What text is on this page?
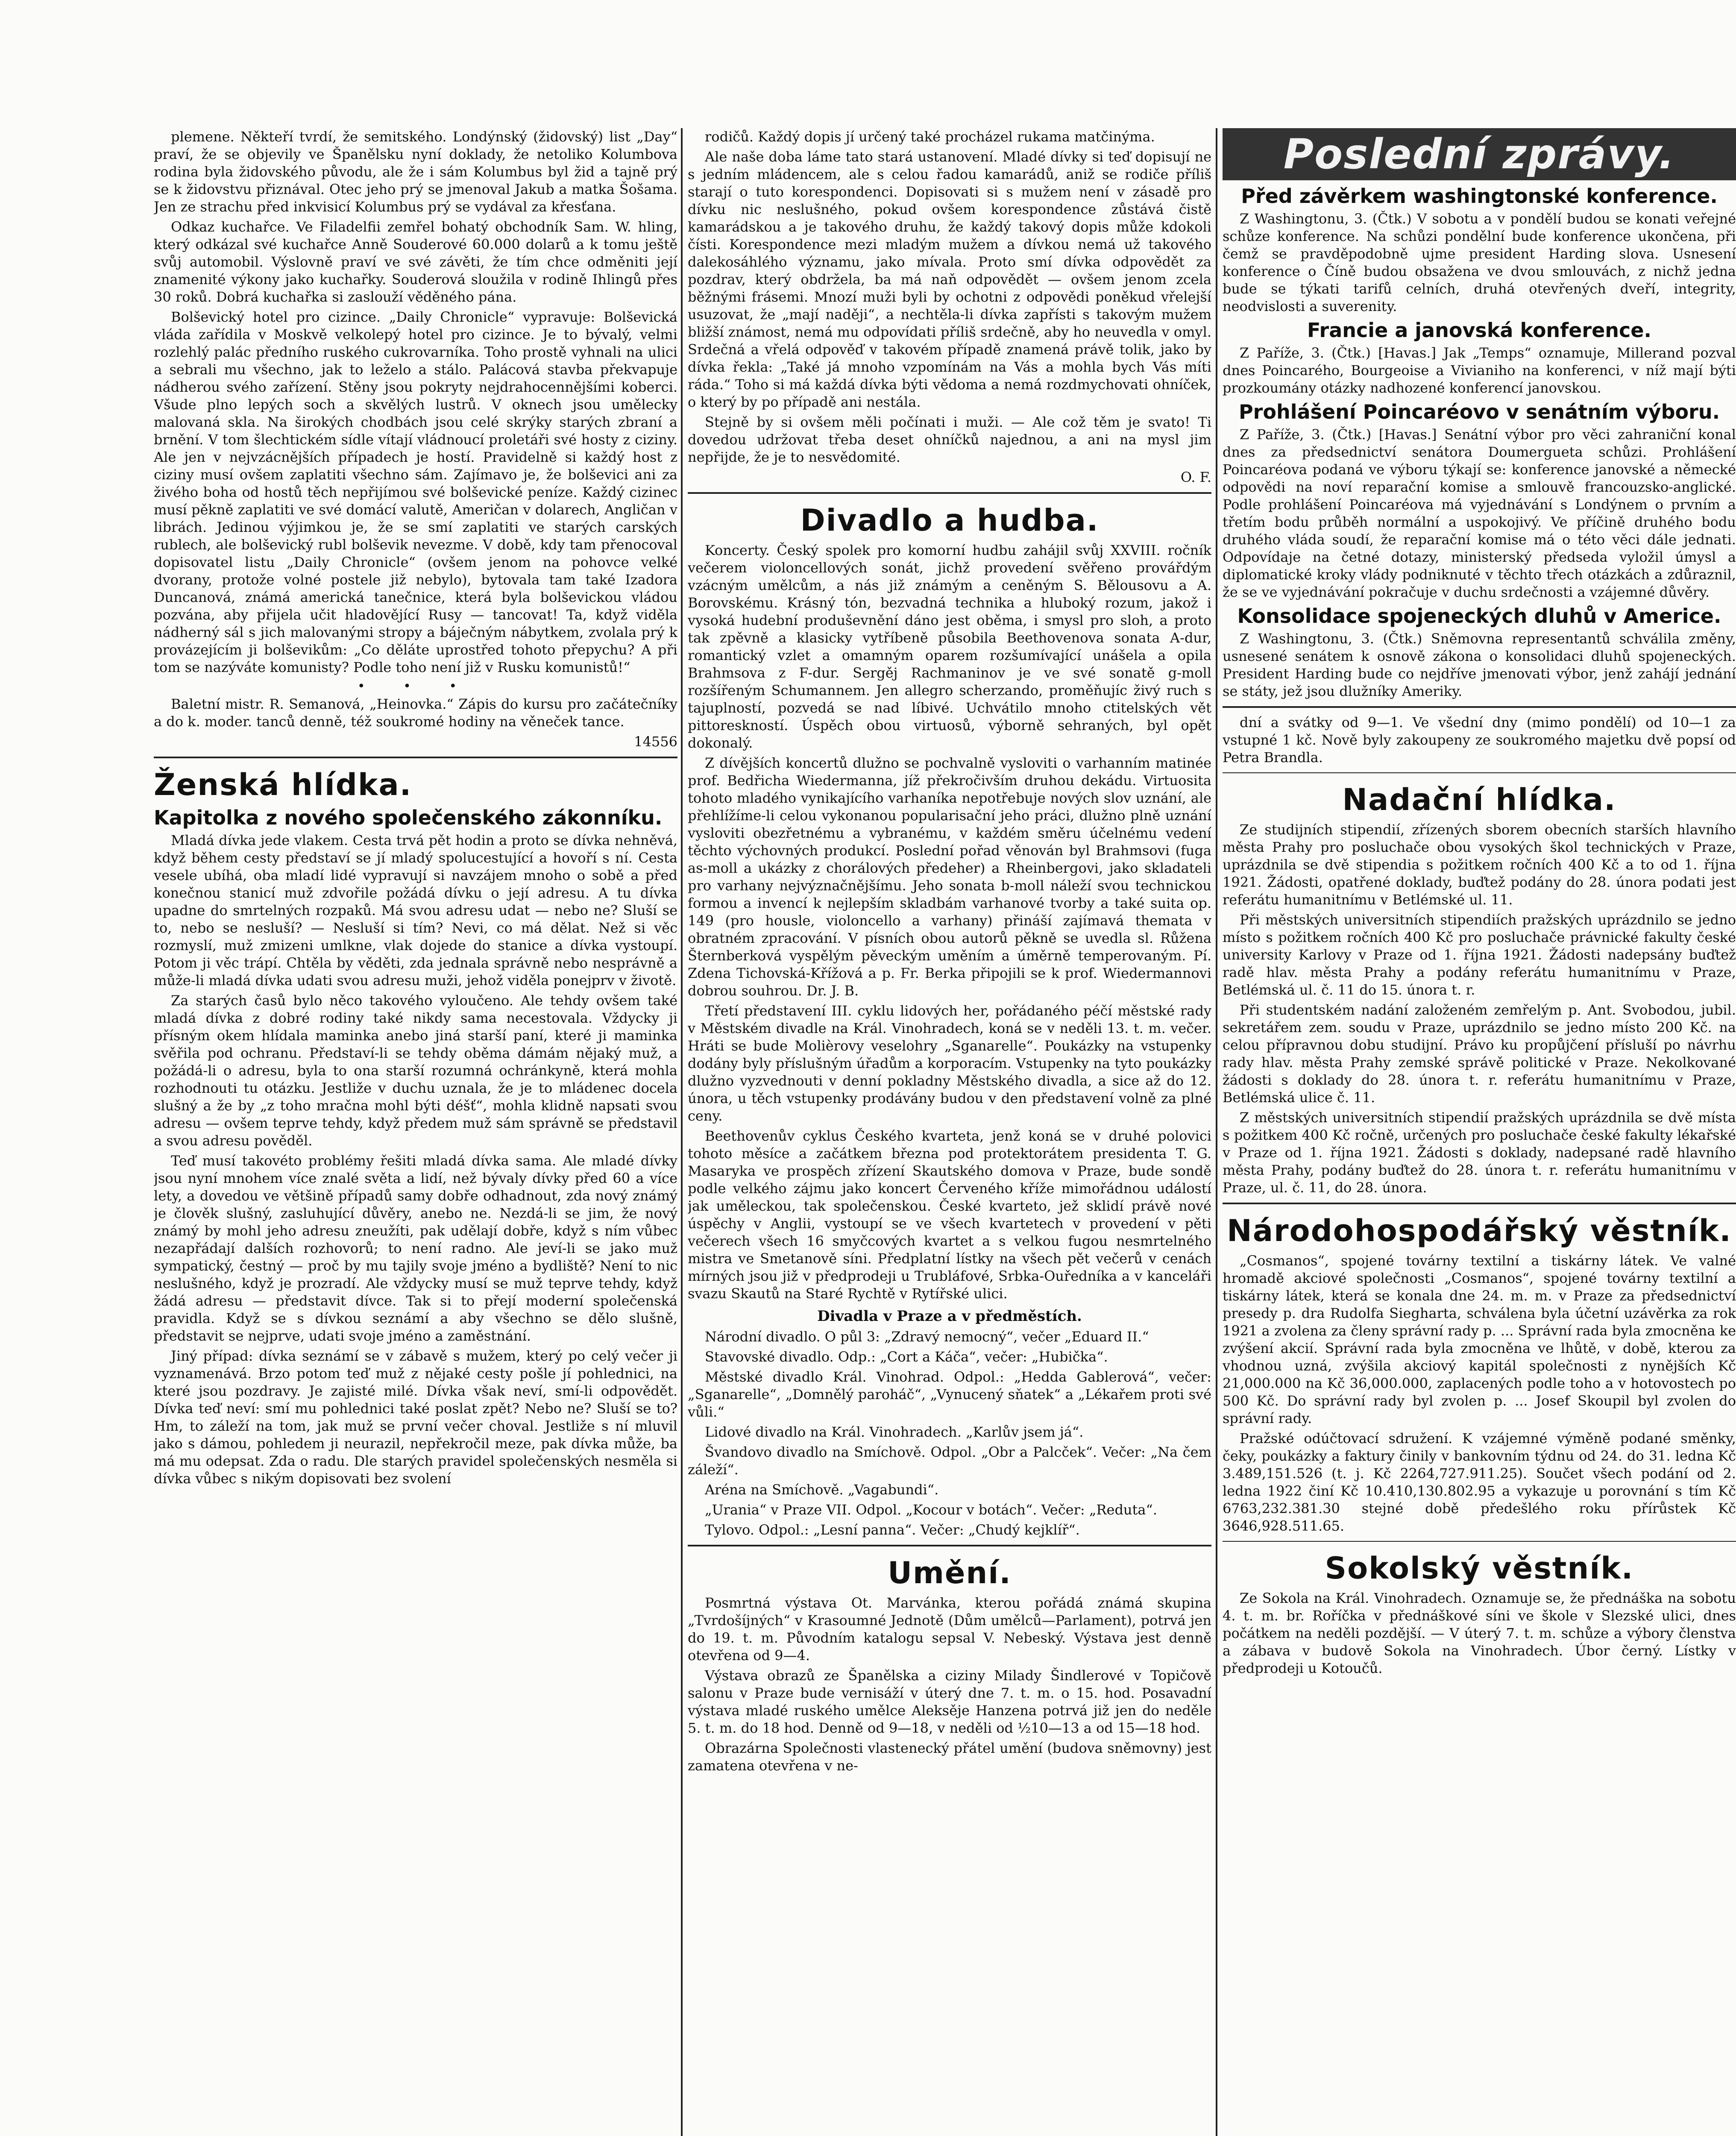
plemene. Někteří tvrdí, že semitského. Londýnský (židovský) list „Day“ praví, že se objevily ve Španělsku nyní doklady, že netoliko Kolumbova rodina byla židovského původu, ale že i sám Kolumbus byl žid a tajně prý se k židovstvu přiznával. Otec jeho prý se jmenoval Jakub a matka Šošama. Jen ze strachu před inkvisicí Kolumbus prý se vydával za křesťana.

Odkaz kuchařce. Ve Filadelfii zemřel bohatý obchodník Sam. W. hling, který odkázal své kuchařce Anně Souderové 60.000 dolarů a k tomu ještě svůj automobil. Výslovně praví ve své závěti, že tím chce odměniti její znamenité výkony jako kuchařky. Souderová sloužila v rodině Ihlingů přes 30 roků. Dobrá kuchařka si zaslouží věděného pána.

Bolševický hotel pro cizince. „Daily Chronicle“ vypravuje: Bolševická vláda zařídila v Moskvě velkolepý hotel pro cizince. Je to bývalý, velmi rozlehlý palác předního ruského cukrovarníka. Toho prostě vyhnali na ulici a sebrali mu všechno, jak to leželo a stálo. Palácová stavba překvapuje nádherou svého zařízení. Stěny jsou pokryty nejdrahocennějšími koberci. Všude plno lepých soch a skvělých lustrů. V oknech jsou umělecky malovaná skla. Na širokých chodbách jsou celé skrýky starých zbraní a brnění. V tom šlechtickém sídle vítají vládnoucí proletáři své hosty z ciziny. Ale jen v nejvzácnějších případech je hostí. Pravidelně si každý host z ciziny musí ovšem zaplatiti všechno sám. Zajímavo je, že bolševici ani za živého boha od hostů těch nepřijímou své bolševické peníze. Každý cizinec musí pěkně zaplatiti ve své domácí valutě, Američan v dolarech, Angličan v librách. Jedinou výjimkou je, že se smí zaplatiti ve starých carských rublech, ale bolševický rubl bolševik nevezme. V době, kdy tam přenocoval dopisovatel listu „Daily Chronicle“ (ovšem jenom na pohovce velké dvorany, protože volné postele již nebylo), bytovala tam také Izadora Duncanová, známá americká tanečnice, která byla bolševickou vládou pozvána, aby přijela učit hladovějící Rusy — tancovat! Ta, když viděla nádherný sál s jich malovanými stropy a báječným nábytkem, zvolala prý k provázejícím ji bolševikům: „Co děláte uprostřed tohoto přepychu? A při tom se nazýváte komunisty? Podle toho není již v Rusku komunistů!“

• • •

Baletní mistr. R. Semanová, „Heinovka.“ Zápis do kursu pro začátečníky a do k. moder. tanců denně, též soukromé hodiny na věneček tance.

14556
Ženská hlídka.
Kapitolka z nového společenského zákonníku.

Mladá dívka jede vlakem. Cesta trvá pět hodin a proto se dívka nehněvá, když během cesty představí se jí mladý spolucestující a hovoří s ní. Cesta vesele ubíhá, oba mladí lidé vypravují si navzájem mnoho o sobě a před konečnou stanicí muž zdvořile požádá dívku o její adresu. A tu dívka upadne do smrtelných rozpaků. Má svou adresu udat — nebo ne? Sluší se to, nebo se nesluší? — Nesluší si tím? Nevi, co má dělat. Než si věc rozmyslí, muž zmizeni umlkne, vlak dojede do stanice a dívka vystoupí. Potom ji věc trápí. Chtěla by věděti, zda jednala správně nebo nesprávně a může-li mladá dívka udati svou adresu muži, jehož viděla ponejprv v životě.

Za starých časů bylo něco takového vyloučeno. Ale tehdy ovšem také mladá dívka z dobré rodiny také nikdy sama necestovala. Vždycky ji přísným okem hlídala maminka anebo jiná starší paní, které ji maminka svěřila pod ochranu. Představí-li se tehdy oběma dámám nějaký muž, a požádá-li o adresu, byla to ona starší rozumná ochránkyně, která mohla rozhodnouti tu otázku. Jestliže v duchu uznala, že je to mládenec docela slušný a že by „z toho mračna mohl býti déšť“, mohla klidně napsati svou adresu — ovšem teprve tehdy, když předem muž sám správně se představil a svou adresu pověděl.

Teď musí takovéto problémy řešiti mladá dívka sama. Ale mladé dívky jsou nyní mnohem více znalé světa a lidí, než bývaly dívky před 60 a více lety, a dovedou ve většině případů samy dobře odhadnout, zda nový známý je člověk slušný, zasluhující důvěry, anebo ne. Nezdá-li se jim, že nový známý by mohl jeho adresu zneužíti, pak udělají dobře, když s ním vůbec nezapřádají dalších rozhovorů; to není radno. Ale jeví-li se jako muž sympatický, čestný — proč by mu tajily svoje jméno a bydliště? Není to nic neslušného, když je prozradí. Ale vždycky musí se muž teprve tehdy, když žádá adresu — představit dívce. Tak si to přejí moderní společenská pravidla. Když se s dívkou seznámí a aby všechno se dělo slušně, představit se nejprve, udati svoje jméno a zaměstnání.

Jiný případ: dívka seznámí se v zábavě s mužem, který po celý večer ji vyznamenává. Brzo potom teď muž z nějaké cesty pošle jí pohlednici, na které jsou pozdravy. Je zajisté milé. Dívka však neví, smí-li odpovědět. Dívka teď neví: smí mu pohlednici také poslat zpět? Nebo ne? Sluší se to? Hm, to záleží na tom, jak muž se první večer choval. Jestliže s ní mluvil jako s dámou, pohledem ji neurazil, nepřekročil meze, pak dívka může, ba má mu odepsat. Zda o radu. Dle starých pravidel společenských nesměla si dívka vůbec s nikým dopisovati bez svolení

rodičů. Každý dopis jí určený také procházel rukama matčinýma.

Ale naše doba láme tato stará ustanovení. Mladé dívky si teď dopisují ne s jedním mládencem, ale s celou řadou kamarádů, aniž se rodiče příliš starají o tuto korespondenci. Dopisovati si s mužem není v zásadě pro dívku nic neslušného, pokud ovšem korespondence zůstává čistě kamarádskou a je takového druhu, že každý takový dopis může kdokoli čísti. Korespondence mezi mladým mužem a dívkou nemá už takového dalekosáhlého významu, jako mívala. Proto smí dívka odpovědět za pozdrav, který obdržela, ba má naň odpovědět — ovšem jenom zcela běžnými frásemi. Mnozí muži byli by ochotni z odpovědi poněkud vřelejší usuzovat, že „mají naději“, a nechtěla-li dívka zapřísti s takovým mužem bližší známost, nemá mu odpovídati příliš srdečně, aby ho neuvedla v omyl. Srdečná a vřelá odpověď v takovém případě znamená právě tolik, jako by dívka řekla: „Také já mnoho vzpomínám na Vás a mohla bych Vás míti ráda.“ Toho si má každá dívka býti vědoma a nemá rozdmychovati ohníček, o který by po případě ani nestála.

Stejně by si ovšem měli počínati i muži. — Ale což těm je svato! Ti dovedou udržovat třeba deset ohníčků najednou, a ani na mysl jim nepřijde, že je to nesvědomité.

O. F.
Divadlo a hudba.

Koncerty. Český spolek pro komorní hudbu zahájil svůj XXVIII. ročník večerem violoncellových sonát, jichž provedení svěřeno provářdým vzácným umělcům, a nás již známým a ceněným S. Bělousovu a A. Borovskému. Krásný tón, bezvadná technika a hluboký rozum, jakož i vysoká hudební produševnění dáno jest oběma, i smysl pro sloh, a proto tak zpěvně a klasicky vytříbeně působila Beethovenova sonata A-dur, romantický vzlet a omamným oparem rozšumívající unášela a opila Brahmsova z F-dur. Sergěj Rachmaninov je ve své sonatě g-moll rozšířeným Schumannem. Jen allegro scherzando, proměňujíc živý ruch s tajuplností, pozvedá se nad líbivé. Uchvátilo mnoho ctitelských vět pittoreskností. Úspěch obou virtuosů, výborně sehraných, byl opět dokonalý.

Z dívějších koncertů dlužno se pochvalně vysloviti o varhanním matinée prof. Bedřicha Wiedermanna, jíž překročivším druhou dekádu. Virtuosita tohoto mladého vynikajícího varhaníka nepotřebuje nových slov uznání, ale přehlížíme-li celou vykonanou popularisační jeho práci, dlužno plně uznání vysloviti obezřetnému a vybranému, v každém směru účelnému vedení těchto výchovných produkcí. Poslední pořad věnován byl Brahmsovi (fuga as-moll a ukázky z chorálových předeher) a Rheinbergovi, jako skladateli pro varhany nejvýznačnějšímu. Jeho sonata b-moll náleží svou technickou formou a invencí k nejlepším skladbám varhanové tvorby a také suita op. 149 (pro housle, violoncello a varhany) přináší zajímavá themata v obratném zpracování. V písních obou autorů pěkně se uvedla sl. Růžena Šternberková vyspělým pěveckým uměním a úměrně temperovaným. Pí. Zdena Tichovská-Křížová a p. Fr. Berka připojili se k prof. Wiedermannovi dobrou souhrou. Dr. J. B.

Třetí představení III. cyklu lidových her, pořádaného péčí městské rady v Městském divadle na Král. Vinohradech, koná se v neděli 13. t. m. večer. Hráti se bude Molièrovy veselohry „Sganarelle“. Poukázky na vstupenky dodány byly příslušným úřadům a korporacím. Vstupenky na tyto poukázky dlužno vyzvednouti v denní pokladny Městského divadla, a sice až do 12. února, u těch vstupenky prodávány budou v den představení volně za plné ceny.

Beethovenův cyklus Českého kvarteta, jenž koná se v druhé polovici tohoto měsíce a začátkem března pod protektorátem presidenta T. G. Masaryka ve prospěch zřízení Skautského domova v Praze, bude sondě podle velkého zájmu jako koncert Červeného kříže mimořádnou událostí jak uměleckou, tak společenskou. České kvarteto, jež sklidí právě nové úspěchy v Anglii, vystoupí se ve všech kvartetech v provedení v pěti večerech všech 16 smyčcových kvartet a s velkou fugou nesmrtelného mistra ve Smetanově síni. Předplatní lístky na všech pět večerů v cenách mírných jsou již v předprodeji u Trubláfové, Srbka-Ouředníka a v kanceláři svazu Skautů na Staré Rychtě v Rytířské ulici.

Divadla v Praze a v předměstích.

Národní divadlo. O půl 3: „Zdravý nemocný“, večer „Eduard II.“

Stavovské divadlo. Odp.: „Cort a Káča“, večer: „Hubička“.

Městské divadlo Král. Vinohrad. Odpol.: „Hedda Gablerová“, večer: „Sganarelle“, „Domnělý paroháč“, „Vynucený sňatek“ a „Lékařem proti své vůli.“

Lidové divadlo na Král. Vinohradech. „Karlův jsem já“.

Švandovo divadlo na Smíchově. Odpol. „Obr a Palcček“. Večer: „Na čem záleží“.

Aréna na Smíchově. „Vagabundi“.

„Urania“ v Praze VII. Odpol. „Kocour v botách“. Večer: „Reduta“.

Tylovo. Odpol.: „Lesní panna“. Večer: „Chudý kejklíř“.

Umění.

Posmrtná výstava Ot. Marvánka, kterou pořádá známá skupina „Tvrdošíjných“ v Krasoumné Jednotě (Dům umělců—Parlament), potrvá jen do 19. t. m. Původním katalogu sepsal V. Nebeský. Výstava jest denně otevřena od 9—4.

Výstava obrazů ze Španělska a ciziny Milady Šindlerové v Topičově salonu v Praze bude vernisáží v úterý dne 7. t. m. o 15. hod. Posavadní výstava mladé ruského umělce Aleksěje Hanzena potrvá již jen do neděle 5. t. m. do 18 hod. Denně od 9—18, v neděli od ½10—13 a od 15—18 hod.

Obrazárna Společnosti vlastenecký přátel umění (budova sněmovny) jest zamatena otevřena v ne-

Poslední zprávy.
Před závěrkem washingtonské konference.

Z Washingtonu, 3. (Čtk.) V sobotu a v pondělí budou se konati veřejné schůze konference. Na schůzi pondělní bude konference ukončena, při čemž se pravděpodobně ujme president Harding slova. Usnesení konference o Číně budou obsažena ve dvou smlouvách, z nichž jedna bude se týkati tarifů celních, druhá otevřených dveří, integrity, neodvislosti a suverenity.

Francie a janovská konference.

Z Paříže, 3. (Čtk.) [Havas.] Jak „Temps“ oznamuje, Millerand pozval dnes Poincarého, Bourgeoise a Vivianiho na konferenci, v níž mají býti prozkoumány otázky nadhozené konferencí janovskou.

Prohlášení Poincaréovo v senátním výboru.

Z Paříže, 3. (Čtk.) [Havas.] Senátní výbor pro věci zahraniční konal dnes za předsednictví senátora Doumergueta schůzi. Prohlášení Poincaréova podaná ve výboru týkají se: konference janovské a německé odpovědi na noví reparační komise a smlouvě francouzsko-anglické. Podle prohlášení Poincaréova má vyjednávání s Londýnem o prvním a třetím bodu průběh normální a uspokojivý. Ve příčině druhého bodu druhého vláda soudí, že reparační komise má o této věci dále jednati. Odpovídaje na četné dotazy, ministerský předseda vyložil úmysl a diplomatické kroky vlády podniknuté v těchto třech otázkách a zdůraznil, že se ve vyjednávání pokračuje v duchu srdečnosti a vzájemné důvěry.

Konsolidace spojeneckých dluhů v Americe.

Z Washingtonu, 3. (Čtk.) Sněmovna representantů schválila změny, usnesené senátem k osnově zákona o konsolidaci dluhů spojeneckých. President Harding bude co nejdříve jmenovati výbor, jenž zahájí jednání se státy, jež jsou dlužníky Ameriky.

dní a svátky od 9—1. Ve všední dny (mimo pondělí) od 10—1 za vstupné 1 kč. Nově byly zakoupeny ze soukromého majetku dvě popsí od Petra Brandla.

Nadační hlídka.

Ze studijních stipendií, zřízených sborem obecních starších hlavního města Prahy pro posluchače obou vysokých škol technických v Praze, uprázdnila se dvě stipendia s požitkem ročních 400 Kč a to od 1. října 1921. Žádosti, opatřené doklady, buďtež podány do 28. února podati jest referátu humanitnímu v Betlémské ul. 11.

Při městských universitních stipendiích pražských uprázdnilo se jedno místo s požitkem ročních 400 Kč pro posluchače právnické fakulty české university Karlovy v Praze od 1. října 1921. Žádosti nadepsány buďtež radě hlav. města Prahy a podány referátu humanitnímu v Praze, Betlémská ul. č. 11 do 15. února t. r.

Při studentském nadání založeném zemřelým p. Ant. Svobodou, jubil. sekretářem zem. soudu v Praze, uprázdnilo se jedno místo 200 Kč. na celou přípravnou dobu studijní. Právo ku propůjčení přísluší po návrhu rady hlav. města Prahy zemské správě politické v Praze. Nekolkované žádosti s doklady do 28. února t. r. referátu humanitnímu v Praze, Betlémská ulice č. 11.

Z městských universitních stipendií pražských uprázdnila se dvě místa s požitkem 400 Kč ročně, určených pro posluchače české fakulty lékařské v Praze od 1. října 1921. Žádosti s doklady, nadepsané radě hlavního města Prahy, podány buďtež do 28. února t. r. referátu humanitnímu v Praze, ul. č. 11, do 28. února.

Národohospodářský věstník.

„Cosmanos“, spojené továrny textilní a tiskárny látek. Ve valné hromadě akciové společnosti „Cosmanos“, spojené továrny textilní a tiskárny látek, která se konala dne 24. m. m. v Praze za předsednictví presedy p. dra Rudolfa Siegharta, schválena byla účetní uzávěrka za rok 1921 a zvolena za členy správní rady p. ... Správní rada byla zmocněna ke zvýšení akcií. Správní rada byla zmocněna ve lhůtě, v době, kterou za vhodnou uzná, zvýšila akciový kapitál společnosti z nynějších Kč 21,000.000 na Kč 36,000.000, zaplacených podle toho a v hotovostech po 500 Kč. Do správní rady byl zvolen p. ... Josef Skoupil byl zvolen do správní rady.

Pražské odúčtovací sdružení. K vzájemné výměně podané směnky, čeky, poukázky a faktury činily v bankovním týdnu od 24. do 31. ledna Kč 3.489,151.526 (t. j. Kč 2264,727.911.25). Součet všech podání od 2. ledna 1922 činí Kč 10.410,130.802.95 a vykazuje u porovnání s tím Kč 6763,232.381.30 stejné době předešlého roku přírůstek Kč 3646,928.511.65.

Sokolský věstník.

Ze Sokola na Král. Vinohradech. Oznamuje se, že přednáška na sobotu 4. t. m. br. Roříčka v přednáškové síni ve škole v Slezské ulici, dnes počátkem na neděli pozdější. — V úterý 7. t. m. schůze a výbory členstva a zábava v budově Sokola na Vinohradech. Úbor černý. Lístky v předprodeji u Kotoučů.
